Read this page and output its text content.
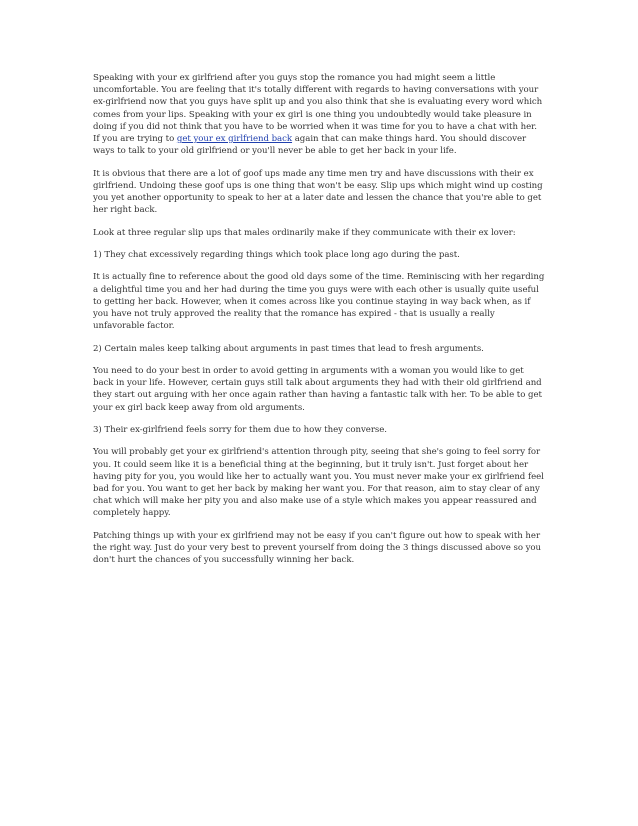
Speaking with your ex girlfriend after you guys stop the romance you had might seem a little uncomfortable. You are feeling that it's totally different with regards to having conversations with your ex-girlfriend now that you guys have split up and you also think that she is evaluating every word which comes from your lips. Speaking with your ex girl is one thing you undoubtedly would take pleasure in doing if you did not think that you have to be worried when it was time for you to have a chat with her. If you are trying to get your ex girlfriend back again that can make things hard. You should discover ways to talk to your old girlfriend or you'll never be able to get her back in your life.

It is obvious that there are a lot of goof ups made any time men try and have discussions with their ex girlfriend. Undoing these goof ups is one thing that won't be easy. Slip ups which might wind up costing you yet another opportunity to speak to her at a later date and lessen the chance that you're able to get her right back.

Look at three regular slip ups that males ordinarily make if they communicate with their ex lover:

1) They chat excessively regarding things which took place long ago during the past.

It is actually fine to reference about the good old days some of the time. Reminiscing with her regarding a delightful time you and her had during the time you guys were with each other is usually quite useful to getting her back. However, when it comes across like you continue staying in way back when, as if you have not truly approved the reality that the romance has expired - that is usually a really unfavorable factor.

2) Certain males keep talking about arguments in past times that lead to fresh arguments.

You need to do your best in order to avoid getting in arguments with a woman you would like to get back in your life. However, certain guys still talk about arguments they had with their old girlfriend and they start out arguing with her once again rather than having a fantastic talk with her. To be able to get your ex girl back keep away from old arguments.

3) Their ex-girlfriend feels sorry for them due to how they converse.

You will probably get your ex girlfriend's attention through pity, seeing that she's going to feel sorry for you. It could seem like it is a beneficial thing at the beginning, but it truly isn't. Just forget about her having pity for you, you would like her to actually want you. You must never make your ex girlfriend feel bad for you. You want to get her back by making her want you. For that reason, aim to stay clear of any chat which will make her pity you and also make use of a style which makes you appear reassured and completely happy.

Patching things up with your ex girlfriend may not be easy if you can't figure out how to speak with her the right way. Just do your very best to prevent yourself from doing the 3 things discussed above so you don't hurt the chances of you successfully winning her back.
